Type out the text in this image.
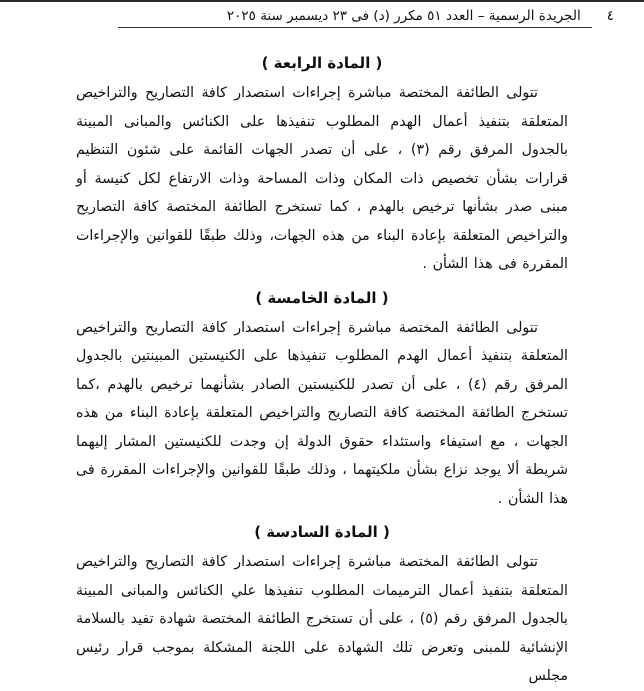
٤
الجريدة الرسمية – العدد ٥١ مكرر (د) فى ٢٣ ديسمبر سنة ٢٠٢٥
( المادة الرابعة )

تتولى الطائفة المختصة مباشرة إجراءات استصدار كافة التصاريح والتراخيص المتعلقة بتنفيذ أعمال الهدم المطلوب تنفيذها على الكنائس والمبانى المبينة بالجدول المرفق رقم (٣) ، على أن تصدر الجهات القائمة على شئون التنظيم قرارات بشأن تخصيص ذات المكان وذات المساحة وذات الارتفاع لكل كنيسة أو مبنى صدر بشأنها ترخيص بالهدم ، كما تستخرج الطائفة المختصة كافة التصاريح والتراخيص المتعلقة بإعادة البناء من هذه الجهات، وذلك طبقًا للقوانين والإجراءات المقررة فى هذا الشأن .

( المادة الخامسة )

تتولى الطائفة المختصة مباشرة إجراءات استصدار كافة التصاريح والتراخيص المتعلقة بتنفيذ أعمال الهدم المطلوب تنفيذها على الكنيستين المبينتين بالجدول المرفق رقم (٤) ، على أن تصدر للكنيستين الصادر بشأنهما ترخيص بالهدم ،كما تستخرج الطائفة المختصة كافة التصاريح والتراخيص المتعلقة بإعادة البناء من هذه الجهات ، مع استيفاء واستئداء حقوق الدولة إن وجدت للكنيستين المشار إليهما شريطة ألا يوجد نزاع بشأن ملكيتهما ، وذلك طبقًا للقوانين والإجراءات المقررة فى هذا الشأن .

( المادة السادسة )

تتولى الطائفة المختصة مباشرة إجراءات استصدار كافة التصاريح والتراخيص المتعلقة بتنفيذ أعمال الترميمات المطلوب تنفيذها علي الكنائس والمبانى المبينة بالجدول المرفق رقم (٥) ، على أن تستخرج الطائفة المختصة شهادة تفيد بالسلامة الإنشائية للمبنى وتعرض تلك الشهادة على اللجنة المشكلة بموجب قرار رئيس مجلس
